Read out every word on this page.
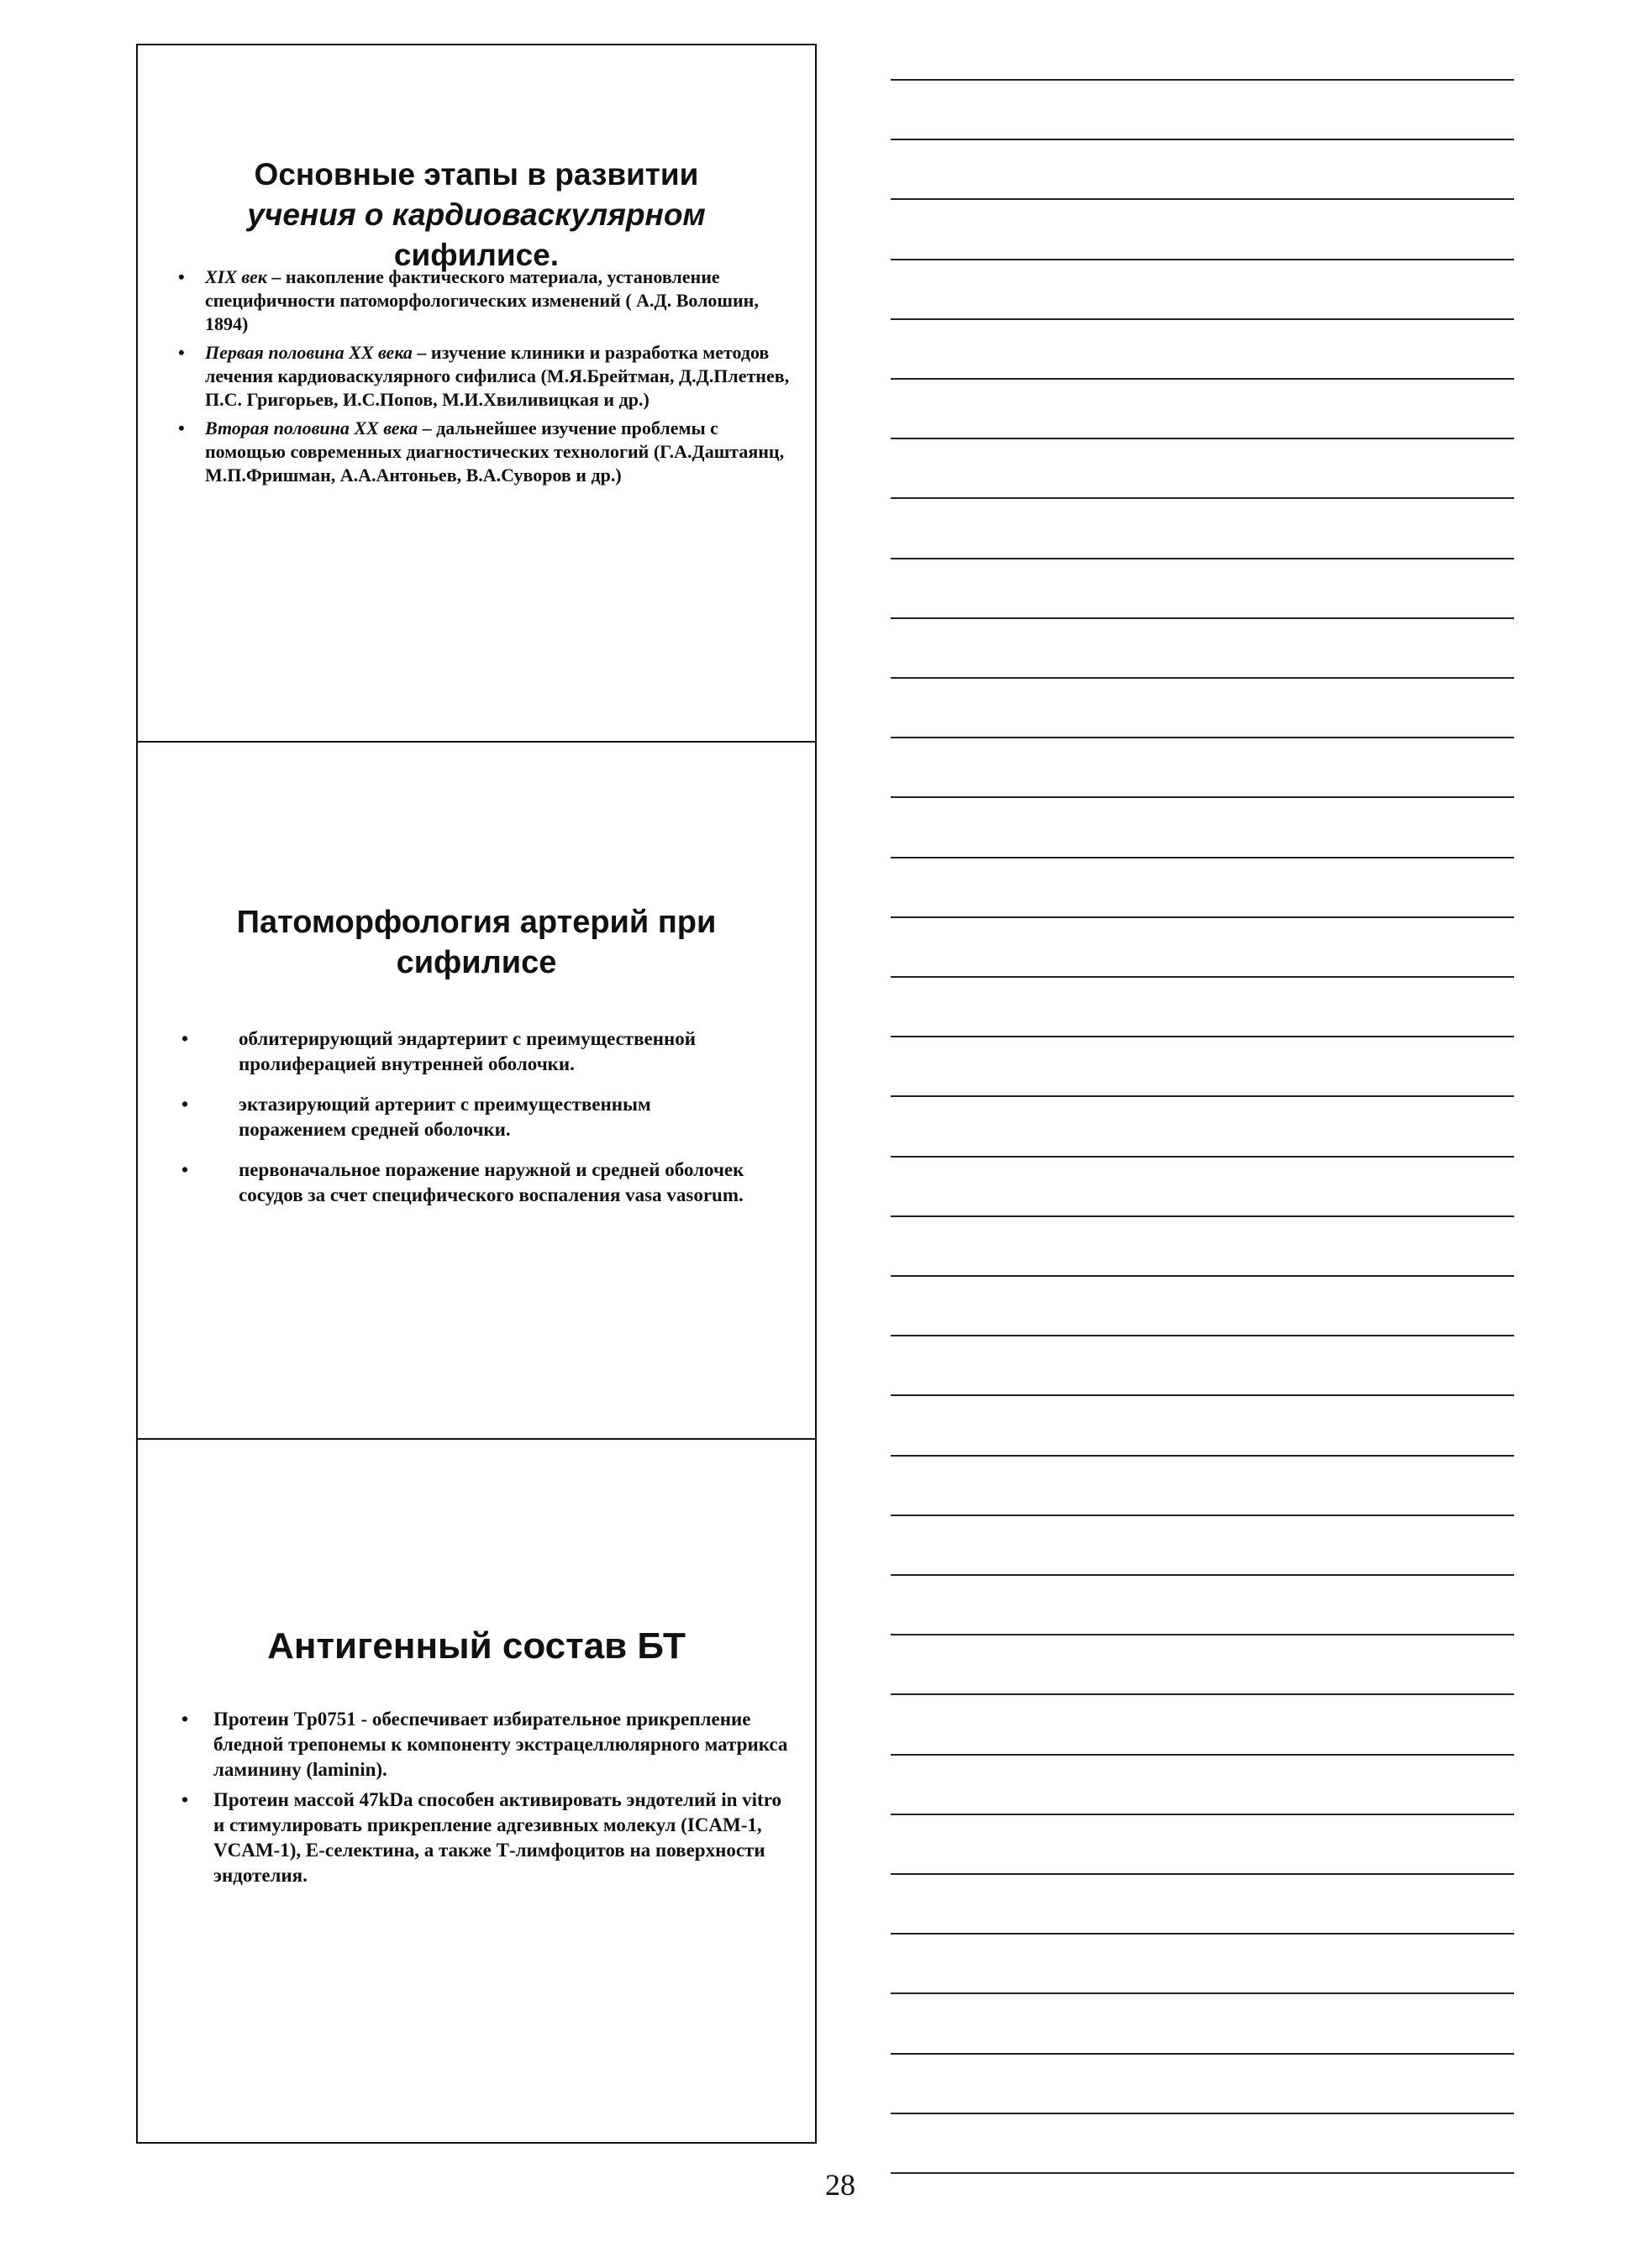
Основные этапы в развитии
учения о кардиоваскулярном
сифилисе.
• XIX век – накопление фактического материала, установление специфичности патоморфологических изменений ( А.Д. Волошин, 1894)
• Первая половина XX века – изучение клиники и разработка методов лечения кардиоваскулярного сифилиса (М.Я.Брейтман, Д.Д.Плетнев, П.С. Григорьев, И.С.Попов, М.И.Хвиливицкая и др.)
• Вторая половина XX века – дальнейшее изучение проблемы с помощью современных диагностических технологий (Г.А.Даштаянц, М.П.Фришман, А.А.Антоньев, В.А.Суворов и др.)
Патоморфология артерий при сифилисе
•	облитерирующий эндартериит с преимущественной пролиферацией внутренней оболочки.
•	эктазирующий артериит с преимущественным поражением средней оболочки.
•	первоначальное поражение наружной и средней оболочек сосудов за счет специфического воспаления vasa vasorum.
Антигенный состав БТ
• Протеин Tp0751 - обеспечивает избирательное прикрепление бледной трепонемы к компоненту экстрацеллюлярного матрикса ламинину (laminin).
• Протеин массой 47kDa способен активировать эндотелий in vitro и стимулировать прикрепление адгезивных молекул (ICAM-1, VCAM-1), E-селектина, а также Т-лимфоцитов на поверхности эндотелия.
28
